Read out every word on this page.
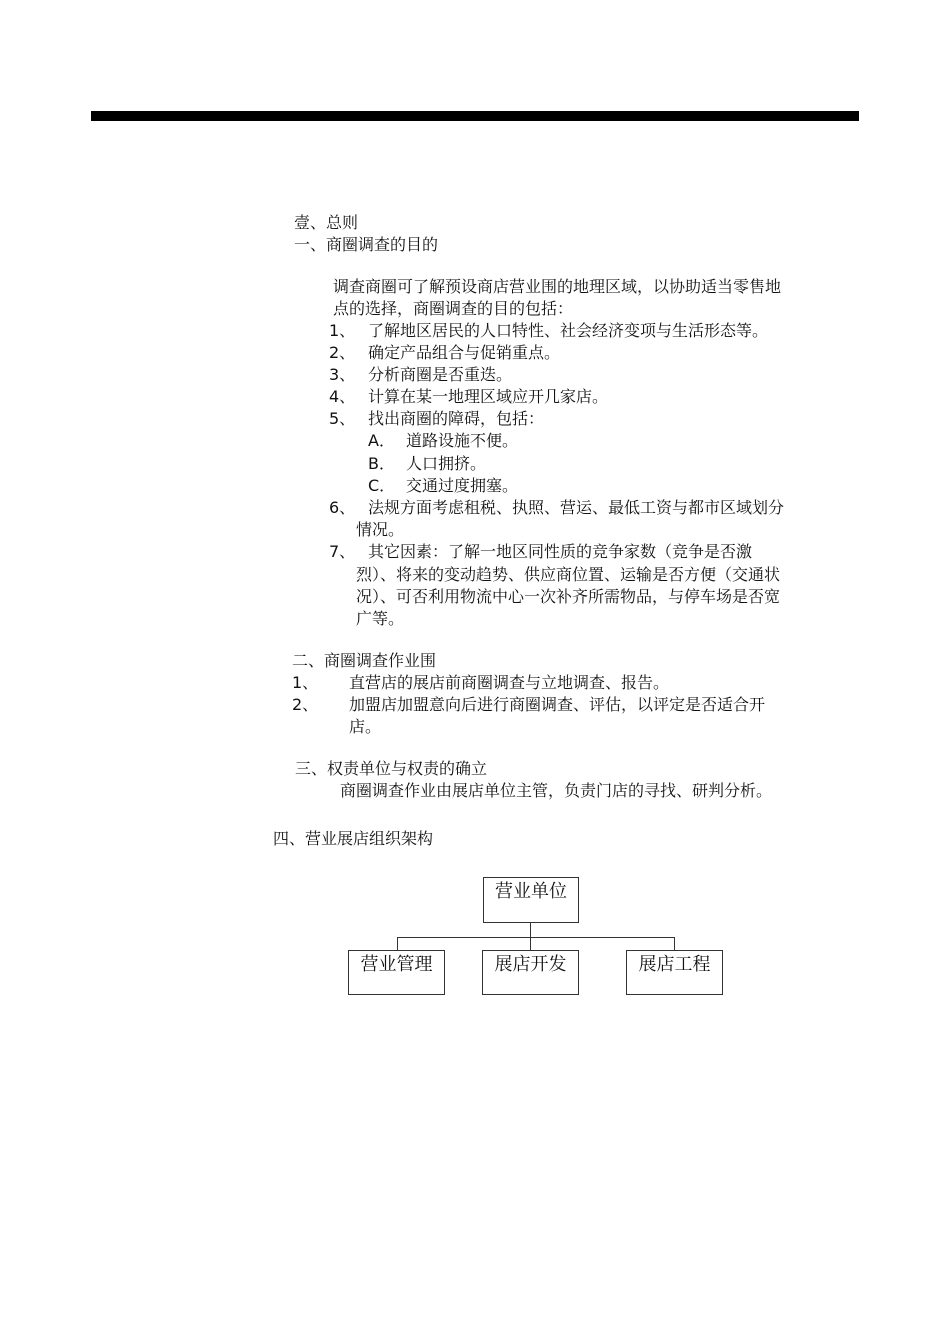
壹、总则
一、商圈调查的目的
调查商圈可了解预设商店营业围的地理区域，以协助适当零售地
点的选择，商圈调查的目的包括：
1、 了解地区居民的人口特性、社会经济变项与生活形态等。
2、 确定产品组合与促销重点。
3、 分析商圈是否重迭。
4、 计算在某一地理区域应开几家店。
5、 找出商圈的障碍，包括：
A． 道路设施不便。
B． 人口拥挤。
C． 交通过度拥塞。
6、 法规方面考虑租税、执照、营运、最低工资与都市区域划分
情况。
7、 其它因素：了解一地区同性质的竞争家数（竞争是否激
烈）、将来的变动趋势、供应商位置、运输是否方便（交通状
况）、可否利用物流中心一次补齐所需物品，与停车场是否宽
广等。
二、商圈调查作业围
1、 直营店的展店前商圈调查与立地调查、报告。
2、 加盟店加盟意向后进行商圈调查、评估，以评定是否适合开
店。
三、权责单位与权责的确立
商圈调查作业由展店单位主管，负责门店的寻找、研判分析。
四、营业展店组织架构
营业单位
营业管理	展店开发	展店工程
